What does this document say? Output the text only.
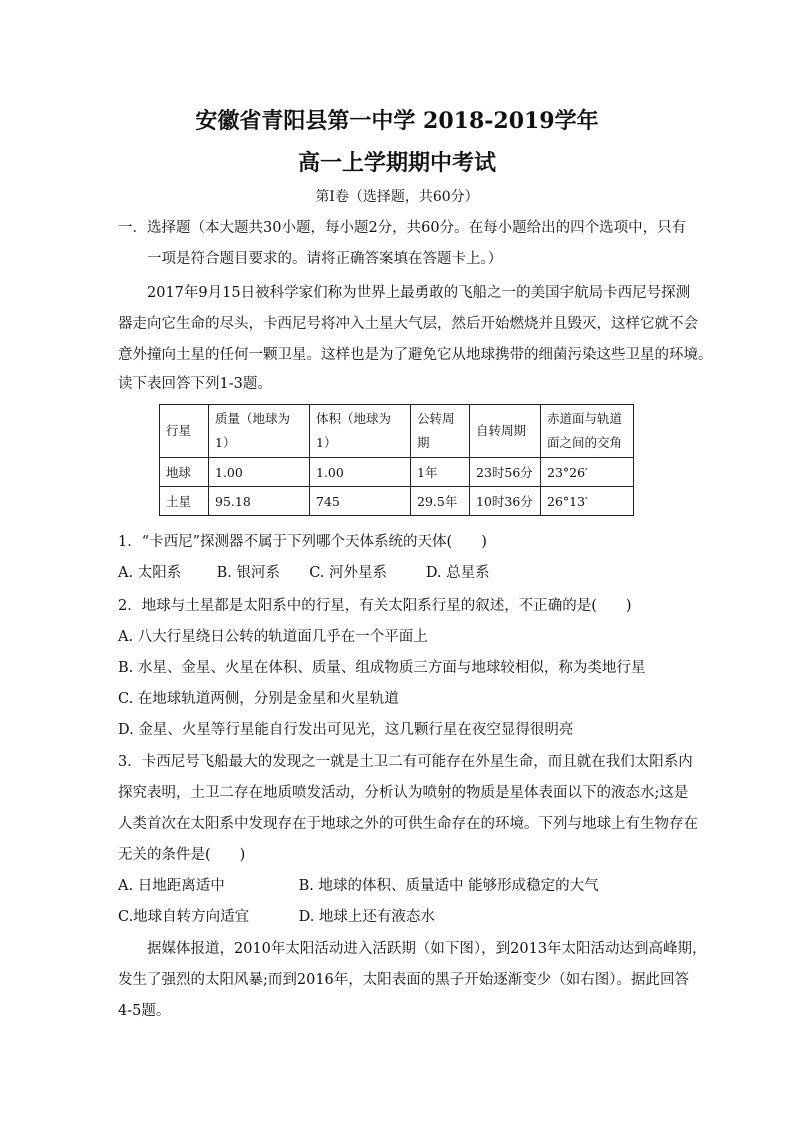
安徽省青阳县第一中学 2018-2019学年
高一上学期期中考试
第Ⅰ卷（选择题，共60分）
一．选择题（本大题共30小题，每小题2分，共60分。在每小题给出的四个选项中，只有
一项是符合题目要求的。请将正确答案填在答题卡上。）
2017年9月15日被科学家们称为世界上最勇敢的飞船之一的美国宇航局卡西尼号探测
器走向它生命的尽头，卡西尼号将冲入土星大气层，然后开始燃烧并且毁灭，这样它就不会
意外撞向土星的任何一颗卫星。这样也是为了避免它从地球携带的细菌污染这些卫星的环境。
读下表回答下列1-3题。
行星	质量（地球为1）	体积（地球为1）	公转周期	自转周期	赤道面与轨道面之间的交角
地球	1.00	1.00	1年	23时56分	23°26′
土星	95.18	745	29.5年	10时36分	26°13′
1．“卡西尼”探测器不属于下列哪个天体系统的天体(　　)
A. 太阳系 B. 银河系 C. 河外星系	D. 总星系
2．地球与土星都是太阳系中的行星，有关太阳系行星的叙述，不正确的是(　　)
A. 八大行星绕日公转的轨道面几乎在一个平面上
B. 水星、金星、火星在体积、质量、组成物质三方面与地球较相似，称为类地行星
C. 在地球轨道两侧，分别是金星和火星轨道
D. 金星、火星等行星能自行发出可见光，这几颗行星在夜空显得很明亮
3．卡西尼号飞船最大的发现之一就是土卫二有可能存在外星生命，而且就在我们太阳系内
探究表明，土卫二存在地质喷发活动，分析认为喷射的物质是星体表面以下的液态水;这是
人类首次在太阳系中发现存在于地球之外的可供生命存在的环境。下列与地球上有生物存在
无关的条件是(　　)
A. 日地距离适中	B. 地球的体积、质量适中 能够形成稳定的大气
C.地球自转方向适宜	D. 地球上还有液态水
据媒体报道，2010年太阳活动进入活跃期（如下图），到2013年太阳活动达到高峰期，
发生了强烈的太阳风暴;而到2016年，太阳表面的黑子开始逐渐变少（如右图）。据此回答
4-5题。
